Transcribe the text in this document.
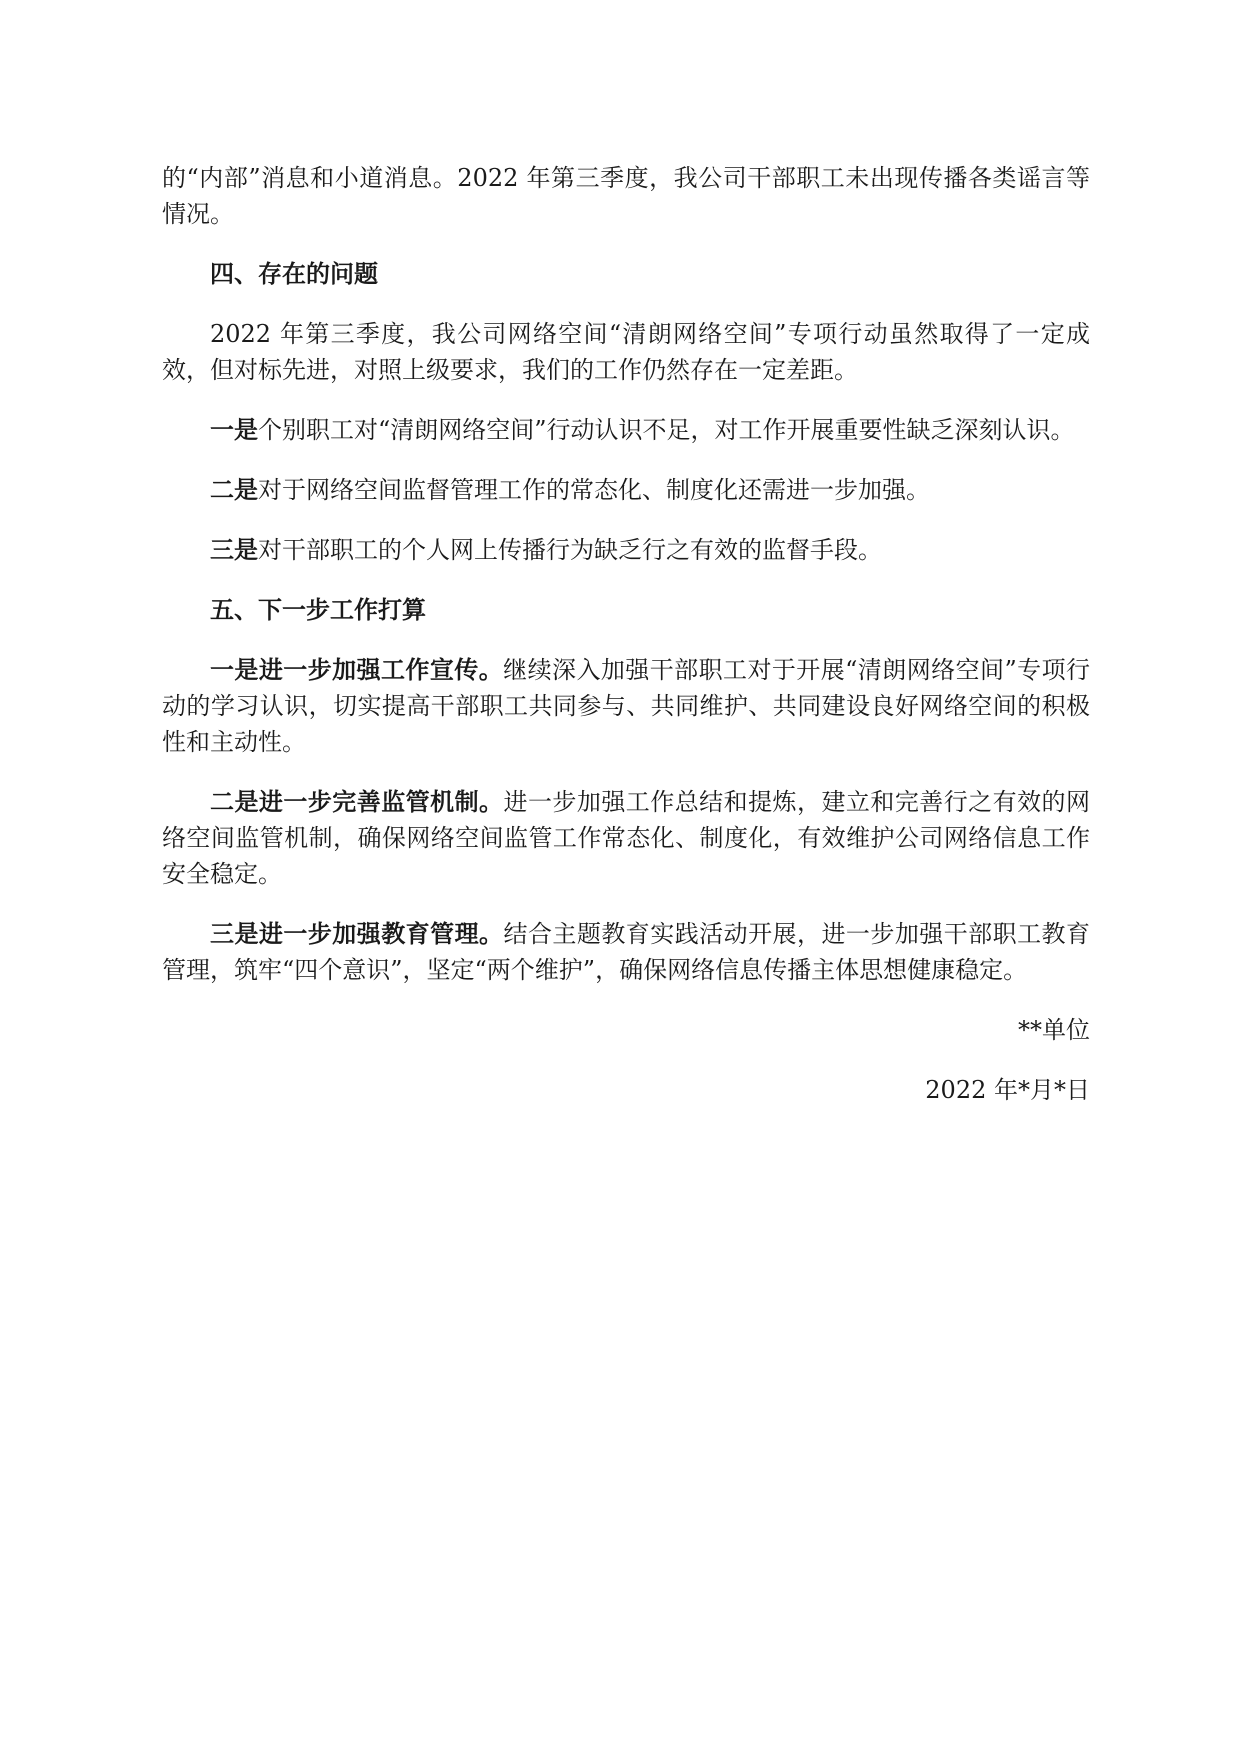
的“内部”消息和小道消息。2022 年第三季度，我公司干部职工未出现传播各类谣言等情况。

四、存在的问题

2022 年第三季度，我公司网络空间“清朗网络空间”专项行动虽然取得了一定成效，但对标先进，对照上级要求，我们的工作仍然存在一定差距。

一是个别职工对“清朗网络空间”行动认识不足，对工作开展重要性缺乏深刻认识。

二是对于网络空间监督管理工作的常态化、制度化还需进一步加强。

三是对干部职工的个人网上传播行为缺乏行之有效的监督手段。

五、下一步工作打算

一是进一步加强工作宣传。继续深入加强干部职工对于开展“清朗网络空间”专项行动的学习认识，切实提高干部职工共同参与、共同维护、共同建设良好网络空间的积极性和主动性。

二是进一步完善监管机制。进一步加强工作总结和提炼，建立和完善行之有效的网络空间监管机制，确保网络空间监管工作常态化、制度化，有效维护公司网络信息工作安全稳定。

三是进一步加强教育管理。结合主题教育实践活动开展，进一步加强干部职工教育管理，筑牢“四个意识”，坚定“两个维护”，确保网络信息传播主体思想健康稳定。

**单位

2022 年*月*日
